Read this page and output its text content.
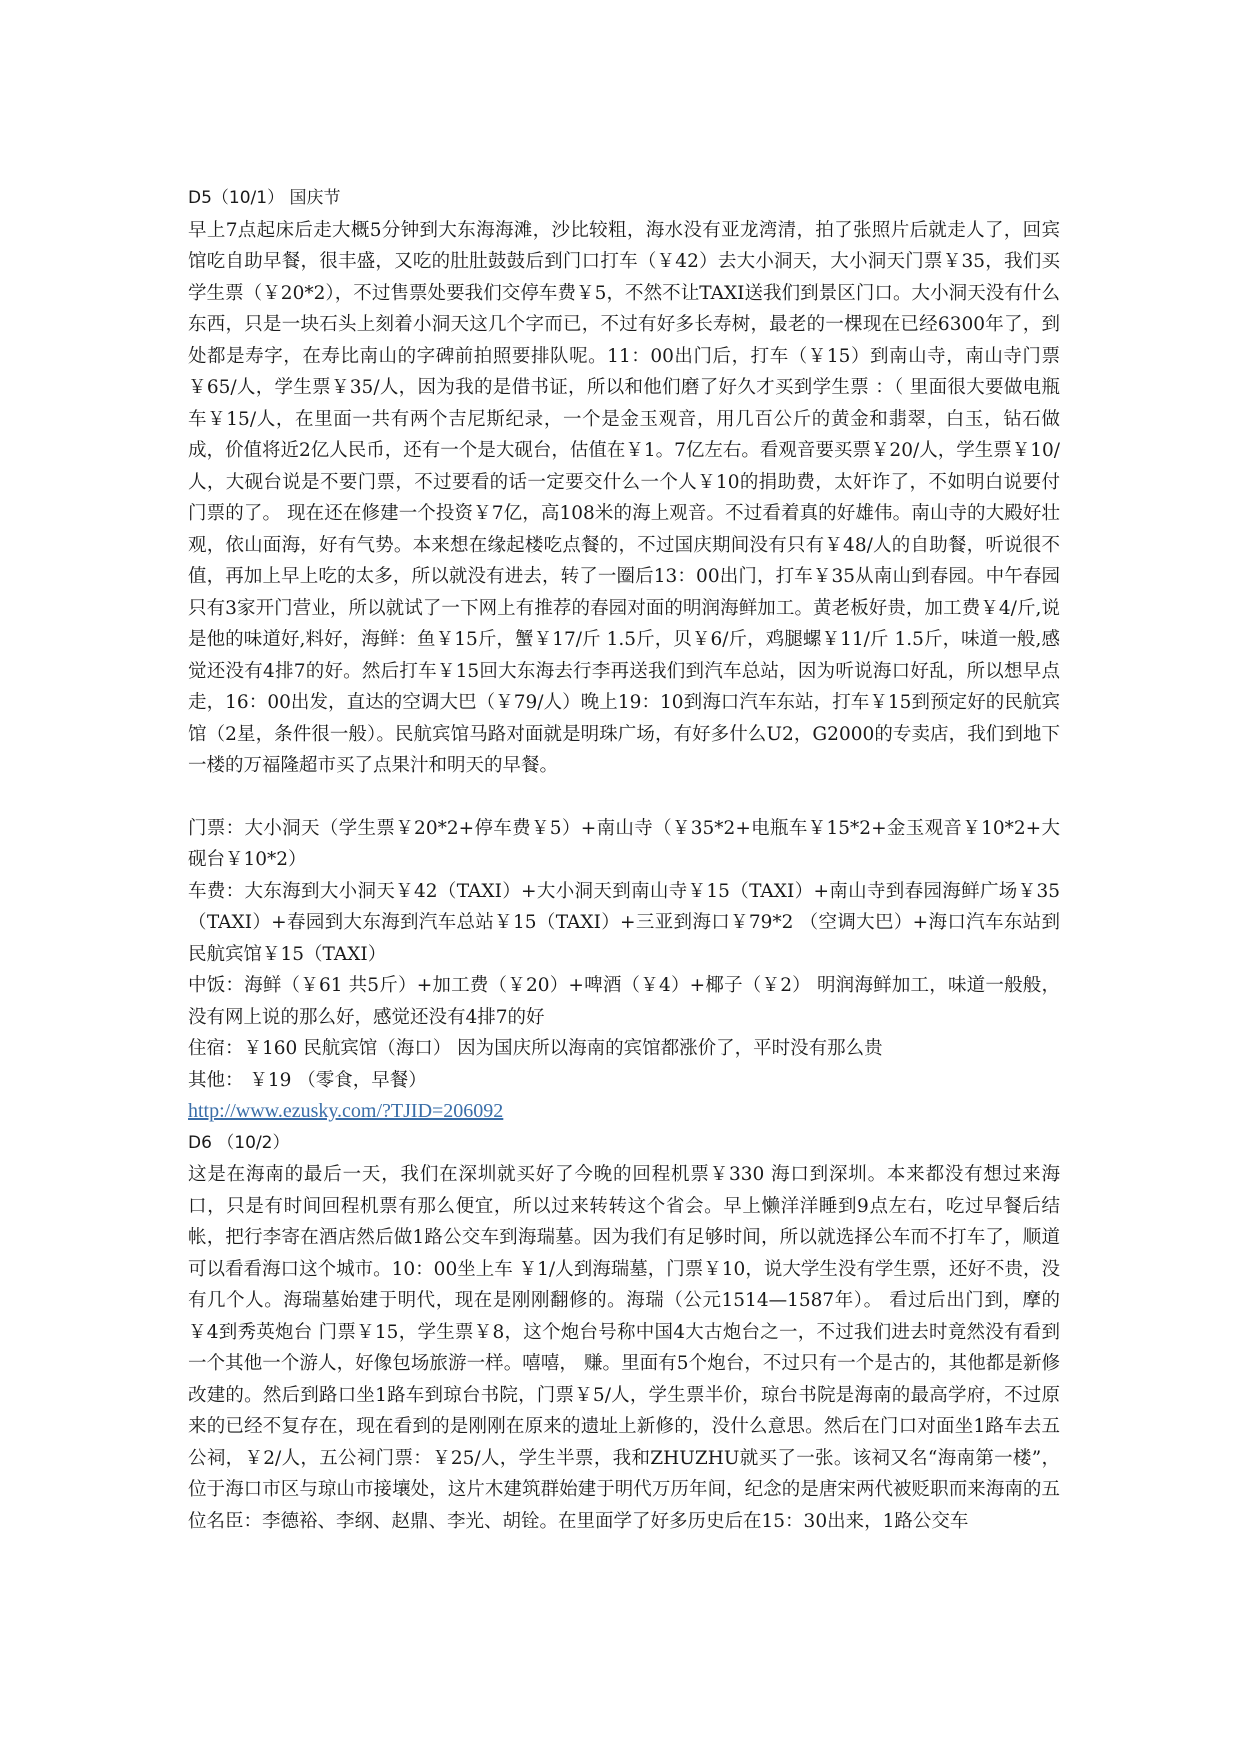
D5（10/1） 国庆节

早上7点起床后走大概5分钟到大东海海滩，沙比较粗，海水没有亚龙湾清，拍了张照片后就走人了，回宾馆吃自助早餐，很丰盛，又吃的肚肚鼓鼓后到门口打车（￥42）去大小洞天，大小洞天门票￥35，我们买学生票（￥20*2），不过售票处要我们交停车费￥5，不然不让TAXI送我们到景区门口。大小洞天没有什么东西，只是一块石头上刻着小洞天这几个字而已，不过有好多长寿树，最老的一棵现在已经6300年了，到处都是寿字，在寿比南山的字碑前拍照要排队呢。11：00出门后，打车（￥15）到南山寺，南山寺门票￥65/人，学生票￥35/人，因为我的是借书证，所以和他们磨了好久才买到学生票 ：（ 里面很大要做电瓶车￥15/人，在里面一共有两个吉尼斯纪录，一个是金玉观音，用几百公斤的黄金和翡翠，白玉，钻石做成，价值将近2亿人民币，还有一个是大砚台，估值在￥1。7亿左右。看观音要买票￥20/人，学生票￥10/人，大砚台说是不要门票，不过要看的话一定要交什么一个人￥10的捐助费，太奸诈了，不如明白说要付门票的了。 现在还在修建一个投资￥7亿，高108米的海上观音。不过看着真的好雄伟。南山寺的大殿好壮观，依山面海，好有气势。本来想在缘起楼吃点餐的，不过国庆期间没有只有￥48/人的自助餐，听说很不值，再加上早上吃的太多，所以就没有进去，转了一圈后13：00出门，打车￥35从南山到春园。中午春园只有3家开门营业，所以就试了一下网上有推荐的春园对面的明润海鲜加工。黄老板好贵，加工费￥4/斤,说是他的味道好,料好，海鲜：鱼￥15斤，蟹￥17/斤 1.5斤，贝￥6/斤，鸡腿螺￥11/斤 1.5斤，味道一般,感觉还没有4排7的好。然后打车￥15回大东海去行李再送我们到汽车总站，因为听说海口好乱，所以想早点走，16：00出发，直达的空调大巴（￥79/人）晚上19：10到海口汽车东站，打车￥15到预定好的民航宾馆（2星，条件很一般）。民航宾馆马路对面就是明珠广场，有好多什么U2，G2000的专卖店，我们到地下一楼的万福隆超市买了点果汁和明天的早餐。

门票：大小洞天（学生票￥20*2+停车费￥5）+南山寺（￥35*2+电瓶车￥15*2+金玉观音￥10*2+大砚台￥10*2）

车费：大东海到大小洞天￥42（TAXI）+大小洞天到南山寺￥15（TAXI）+南山寺到春园海鲜广场￥35（TAXI）+春园到大东海到汽车总站￥15（TAXI）+三亚到海口￥79*2 （空调大巴）+海口汽车东站到民航宾馆￥15（TAXI）

中饭：海鲜（￥61 共5斤）+加工费（￥20）+啤酒（￥4）+椰子（￥2） 明润海鲜加工，味道一般般，没有网上说的那么好，感觉还没有4排7的好

住宿：￥160 民航宾馆（海口） 因为国庆所以海南的宾馆都涨价了，平时没有那么贵

其他： ￥19 （零食，早餐）

http://www.ezusky.com/?TJID=206092

D6 （10/2）

这是在海南的最后一天，我们在深圳就买好了今晚的回程机票￥330 海口到深圳。本来都没有想过来海口，只是有时间回程机票有那么便宜，所以过来转转这个省会。早上懒洋洋睡到9点左右，吃过早餐后结帐，把行李寄在酒店然后做1路公交车到海瑞墓。因为我们有足够时间，所以就选择公车而不打车了，顺道可以看看海口这个城市。10：00坐上车 ￥1/人到海瑞墓，门票￥10，说大学生没有学生票，还好不贵，没有几个人。海瑞墓始建于明代，现在是刚刚翻修的。海瑞（公元1514—1587年）。 看过后出门到，摩的￥4到秀英炮台 门票￥15，学生票￥8，这个炮台号称中国4大古炮台之一，不过我们进去时竟然没有看到一个其他一个游人，好像包场旅游一样。嘻嘻， 赚。里面有5个炮台，不过只有一个是古的，其他都是新修改建的。然后到路口坐1路车到琼台书院，门票￥5/人，学生票半价，琼台书院是海南的最高学府，不过原来的已经不复存在，现在看到的是刚刚在原来的遗址上新修的，没什么意思。然后在门口对面坐1路车去五公祠，￥2/人，五公祠门票：￥25/人，学生半票，我和ZHUZHU就买了一张。该祠又名“海南第一楼”，位于海口市区与琼山市接壤处，这片木建筑群始建于明代万历年间，纪念的是唐宋两代被贬职而来海南的五位名臣：李德裕、李纲、赵鼎、李光、胡铨。在里面学了好多历史后在15：30出来，1路公交车
